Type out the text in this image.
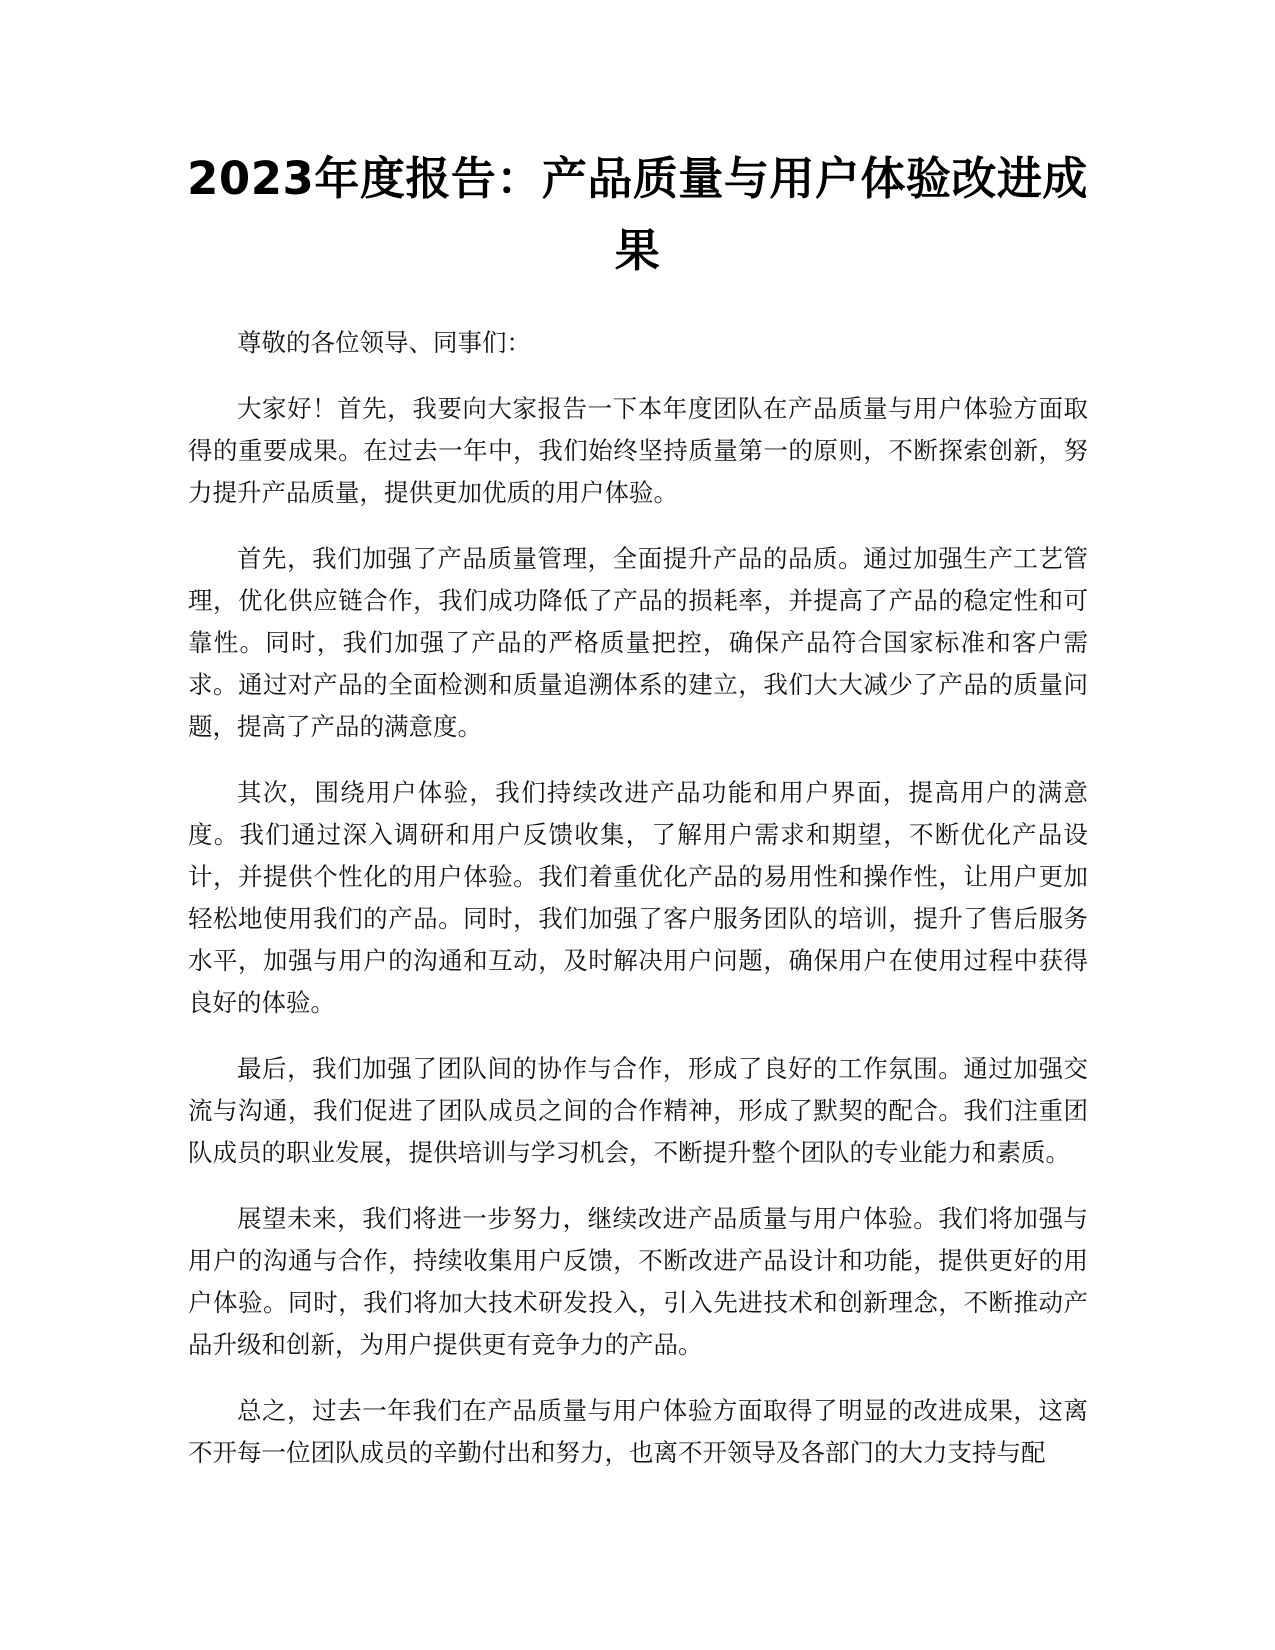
2023年度报告：产品质量与用户体验改进成果

尊敬的各位领导、同事们：

大家好！首先，我要向大家报告一下本年度团队在产品质量与用户体验方面取得的重要成果。在过去一年中，我们始终坚持质量第一的原则，不断探索创新，努力提升产品质量，提供更加优质的用户体验。

首先，我们加强了产品质量管理，全面提升产品的品质。通过加强生产工艺管理，优化供应链合作，我们成功降低了产品的损耗率，并提高了产品的稳定性和可靠性。同时，我们加强了产品的严格质量把控，确保产品符合国家标准和客户需求。通过对产品的全面检测和质量追溯体系的建立，我们大大减少了产品的质量问题，提高了产品的满意度。

其次，围绕用户体验，我们持续改进产品功能和用户界面，提高用户的满意度。我们通过深入调研和用户反馈收集，了解用户需求和期望，不断优化产品设计，并提供个性化的用户体验。我们着重优化产品的易用性和操作性，让用户更加轻松地使用我们的产品。同时，我们加强了客户服务团队的培训，提升了售后服务水平，加强与用户的沟通和互动，及时解决用户问题，确保用户在使用过程中获得良好的体验。

最后，我们加强了团队间的协作与合作，形成了良好的工作氛围。通过加强交流与沟通，我们促进了团队成员之间的合作精神，形成了默契的配合。我们注重团队成员的职业发展，提供培训与学习机会，不断提升整个团队的专业能力和素质。

展望未来，我们将进一步努力，继续改进产品质量与用户体验。我们将加强与用户的沟通与合作，持续收集用户反馈，不断改进产品设计和功能，提供更好的用户体验。同时，我们将加大技术研发投入，引入先进技术和创新理念，不断推动产品升级和创新，为用户提供更有竞争力的产品。

总之，过去一年我们在产品质量与用户体验方面取得了明显的改进成果，这离不开每一位团队成员的辛勤付出和努力，也离不开领导及各部门的大力支持与配
